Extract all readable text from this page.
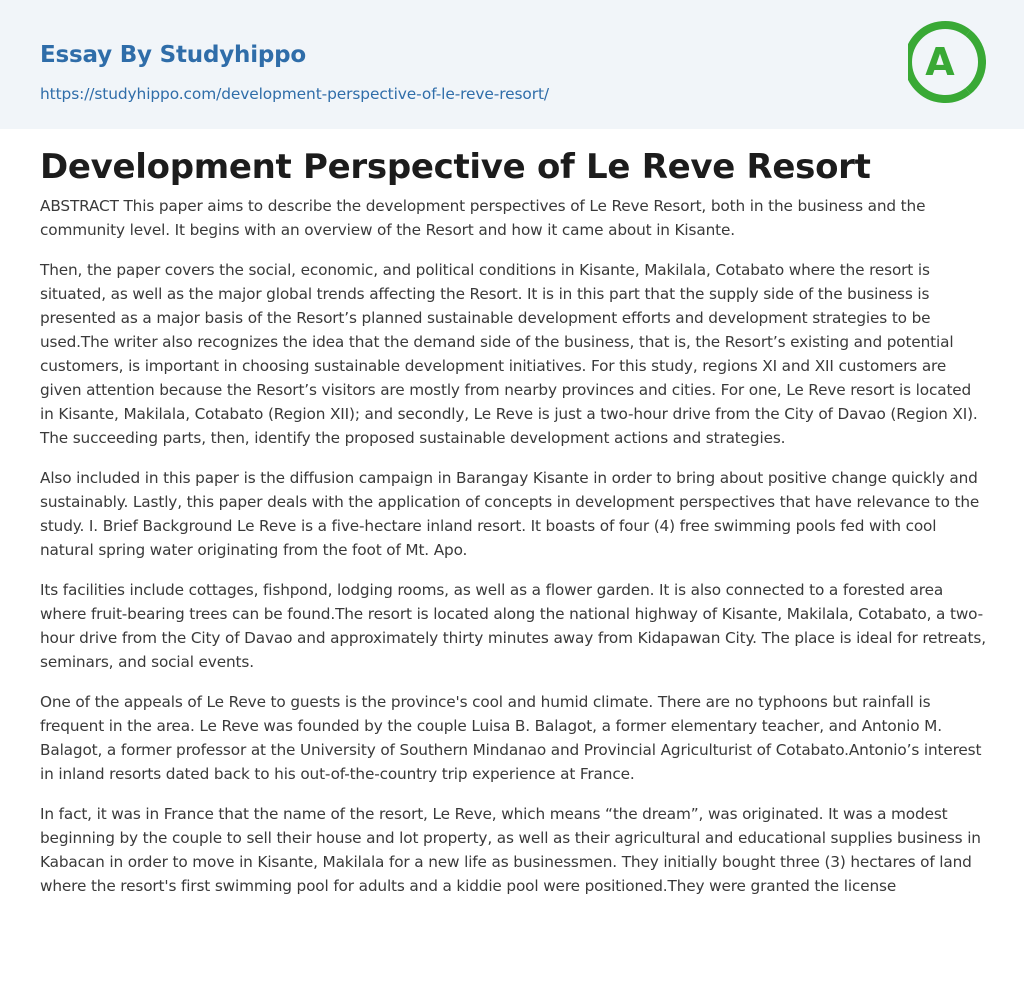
Essay By Studyhippo
https://studyhippo.com/development-perspective-of-le-reve-resort/
A
Development Perspective of Le Reve Resort

ABSTRACT This paper aims to describe the development perspectives of Le Reve Resort, both in the business and the community level. It begins with an overview of the Resort and how it came about in Kisante.

Then, the paper covers the social, economic, and political conditions in Kisante, Makilala, Cotabato where the resort is situated, as well as the major global trends affecting the Resort. It is in this part that the supply side of the business is presented as a major basis of the Resort’s planned sustainable development efforts and development strategies to be used.The writer also recognizes the idea that the demand side of the business, that is, the Resort’s existing and potential customers, is important in choosing sustainable development initiatives. For this study, regions XI and XII customers are given attention because the Resort’s visitors are mostly from nearby provinces and cities. For one, Le Reve resort is located in Kisante, Makilala, Cotabato (Region XII); and secondly, Le Reve is just a two-hour drive from the City of Davao (Region XI). The succeeding parts, then, identify the proposed sustainable development actions and strategies.

Also included in this paper is the diffusion campaign in Barangay Kisante in order to bring about positive change quickly and sustainably. Lastly, this paper deals with the application of concepts in development perspectives that have relevance to the study. I. Brief Background Le Reve is a five-hectare inland resort. It boasts of four (4) free swimming pools fed with cool natural spring water originating from the foot of Mt. Apo.

Its facilities include cottages, fishpond, lodging rooms, as well as a flower garden. It is also connected to a forested area where fruit-bearing trees can be found.The resort is located along the national highway of Kisante, Makilala, Cotabato, a two-hour drive from the City of Davao and approximately thirty minutes away from Kidapawan City. The place is ideal for retreats, seminars, and social events.

One of the appeals of Le Reve to guests is the province's cool and humid climate. There are no typhoons but rainfall is frequent in the area. Le Reve was founded by the couple Luisa B. Balagot, a former elementary teacher, and Antonio M. Balagot, a former professor at the University of Southern Mindanao and Provincial Agriculturist of Cotabato.Antonio’s interest in inland resorts dated back to his out-of-the-country trip experience at France.

In fact, it was in France that the name of the resort, Le Reve, which means “the dream”, was originated. It was a modest beginning by the couple to sell their house and lot property, as well as their agricultural and educational supplies business in Kabacan in order to move in Kisante, Makilala for a new life as businessmen. They initially bought three (3) hectares of land where the resort's first swimming pool for adults and a kiddie pool were positioned.They were granted the license
